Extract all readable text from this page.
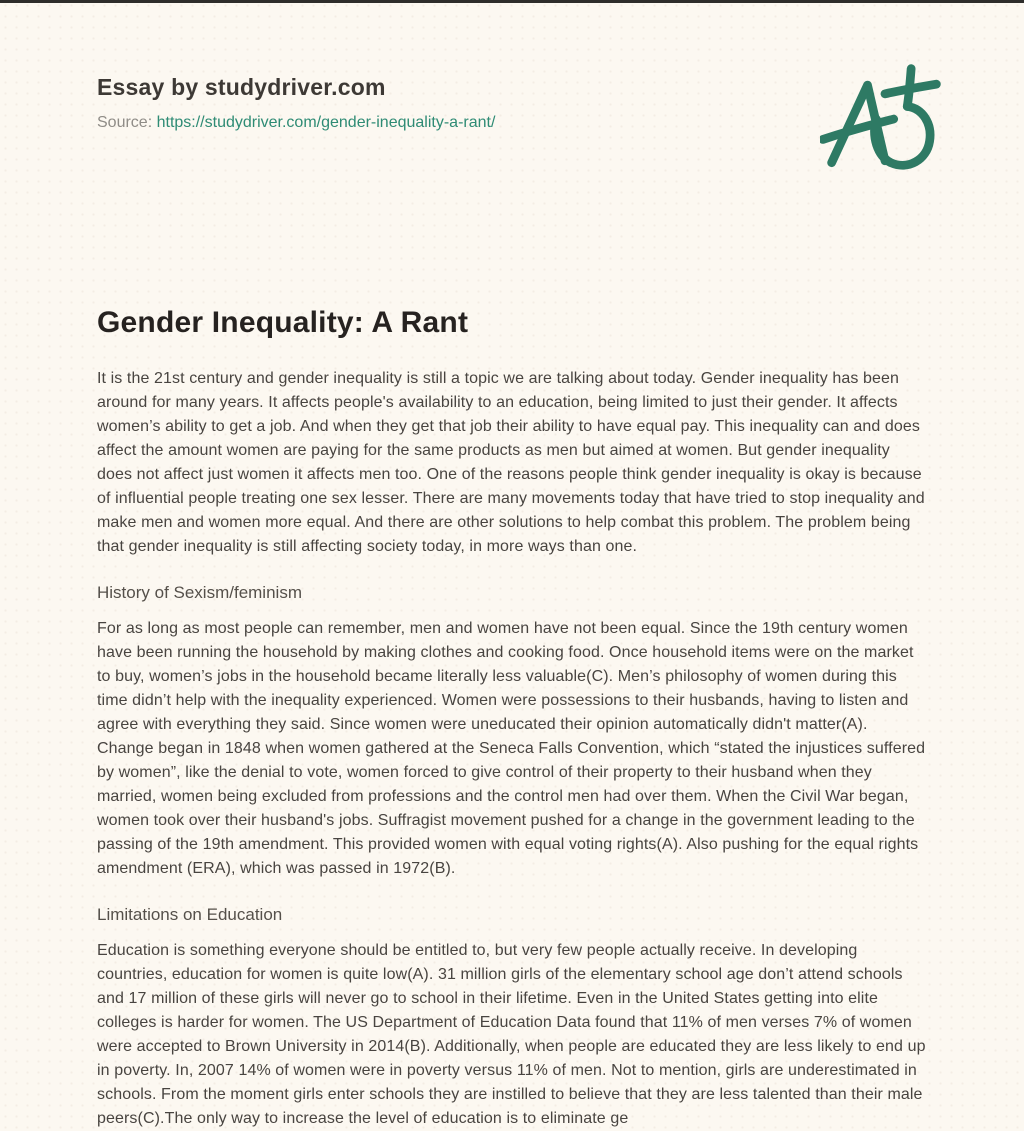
Essay by studydriver.com
Source: https://studydriver.com/gender-inequality-a-rant/
Gender Inequality: A Rant

It is the 21st century and gender inequality is still a topic we are talking about today. Gender inequality has been around for many years. It affects people's availability to an education, being limited to just their gender. It affects women’s ability to get a job. And when they get that job their ability to have equal pay. This inequality can and does affect the amount women are paying for the same products as men but aimed at women. But gender inequality does not affect just women it affects men too. One of the reasons people think gender inequality is okay is because of influential people treating one sex lesser. There are many movements today that have tried to stop inequality and make men and women more equal. And there are other solutions to help combat this problem. The problem being that gender inequality is still affecting society today, in more ways than one.

History of Sexism/feminism

For as long as most people can remember, men and women have not been equal. Since the 19th century women have been running the household by making clothes and cooking food. Once household items were on the market to buy, women’s jobs in the household became literally less valuable(C). Men’s philosophy of women during this time didn’t help with the inequality experienced. Women were possessions to their husbands, having to listen and agree with everything they said. Since women were uneducated their opinion automatically didn't matter(A). Change began in 1848 when women gathered at the Seneca Falls Convention, which “stated the injustices suffered by women”, like the denial to vote, women forced to give control of their property to their husband when they married, women being excluded from professions and the control men had over them. When the Civil War began, women took over their husband's jobs. Suffragist movement pushed for a change in the government leading to the passing of the 19th amendment. This provided women with equal voting rights(A). Also pushing for the equal rights amendment (ERA), which was passed in 1972(B).

Limitations on Education

Education is something everyone should be entitled to, but very few people actually receive. In developing countries, education for women is quite low(A). 31 million girls of the elementary school age don’t attend schools and 17 million of these girls will never go to school in their lifetime. Even in the United States getting into elite colleges is harder for women. The US Department of Education Data found that 11% of men verses 7% of women were accepted to Brown University in 2014(B). Additionally, when people are educated they are less likely to end up in poverty. In, 2007 14% of women were in poverty versus 11% of men. Not to mention, girls are underestimated in schools. From the moment girls enter schools they are instilled to believe that they are less talented than their male peers(C).The only way to increase the level of education is to eliminate ge
